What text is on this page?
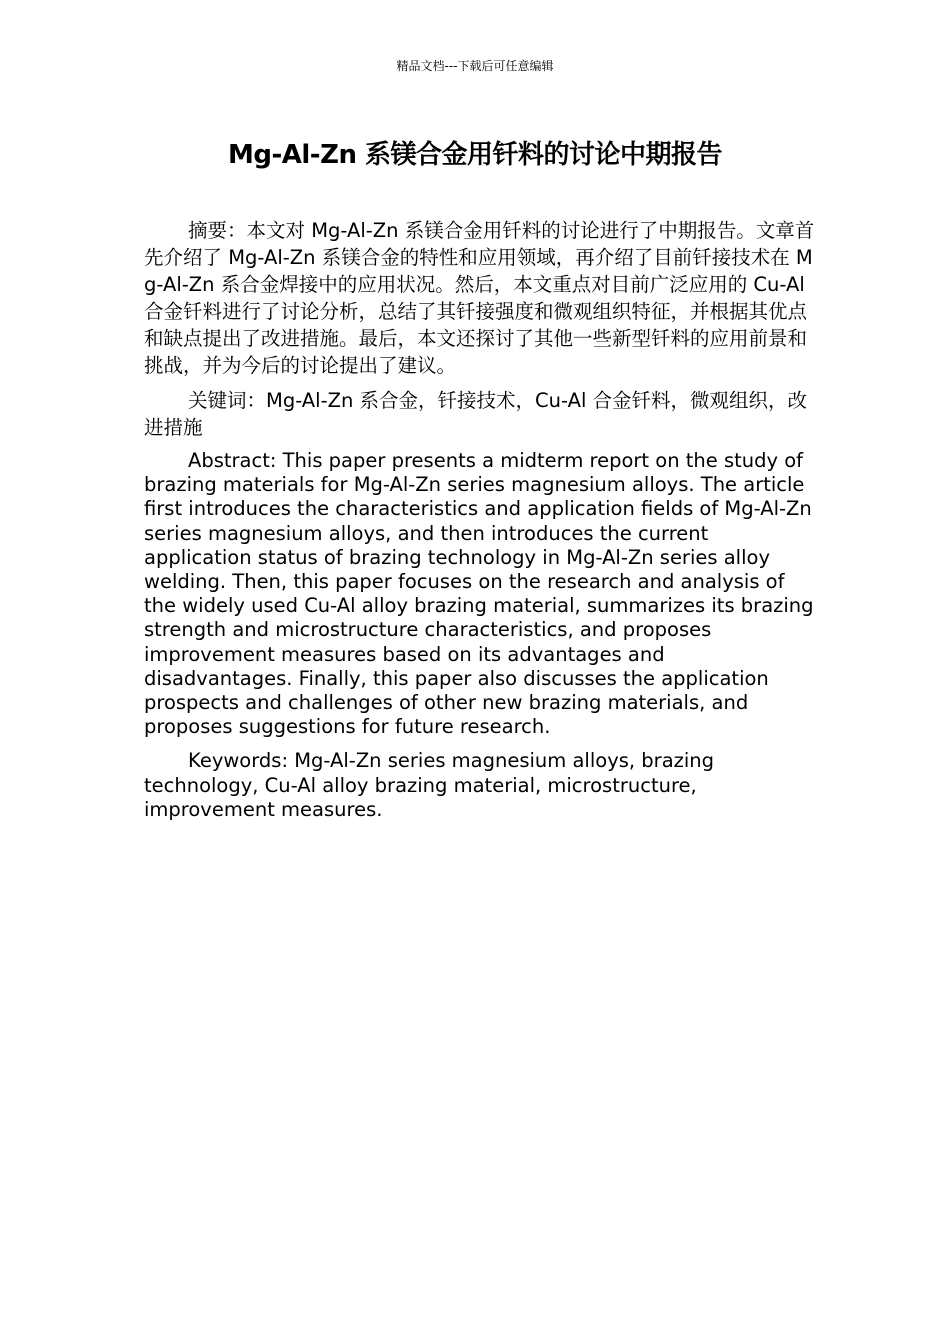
精品文档---下载后可任意编辑
Mg-Al-Zn 系镁合金用钎料的讨论中期报告

摘要：本文对 Mg-Al-Zn 系镁合金用钎料的讨论进行了中期报告。文章首先介绍了 Mg-Al-Zn 系镁合金的特性和应用领域，再介绍了目前钎接技术在 Mg-Al-Zn 系合金焊接中的应用状况。然后，本文重点对目前广泛应用的 Cu-Al 合金钎料进行了讨论分析，总结了其钎接强度和微观组织特征，并根据其优点和缺点提出了改进措施。最后，本文还探讨了其他一些新型钎料的应用前景和挑战，并为今后的讨论提出了建议。

关键词：Mg-Al-Zn 系合金，钎接技术，Cu-Al 合金钎料，微观组织，改进措施

Abstract: This paper presents a midterm report on the study of brazing materials for Mg-Al-Zn series magnesium alloys. The article first introduces the characteristics and application fields of Mg-Al-Zn series magnesium alloys, and then introduces the current application status of brazing technology in Mg-Al-Zn series alloy welding. Then, this paper focuses on the research and analysis of the widely used Cu-Al alloy brazing material, summarizes its brazing strength and microstructure characteristics, and proposes improvement measures based on its advantages and disadvantages. Finally, this paper also discusses the application prospects and challenges of other new brazing materials, and proposes suggestions for future research.

Keywords: Mg-Al-Zn series magnesium alloys, brazing technology, Cu-Al alloy brazing material, microstructure, improvement measures.
